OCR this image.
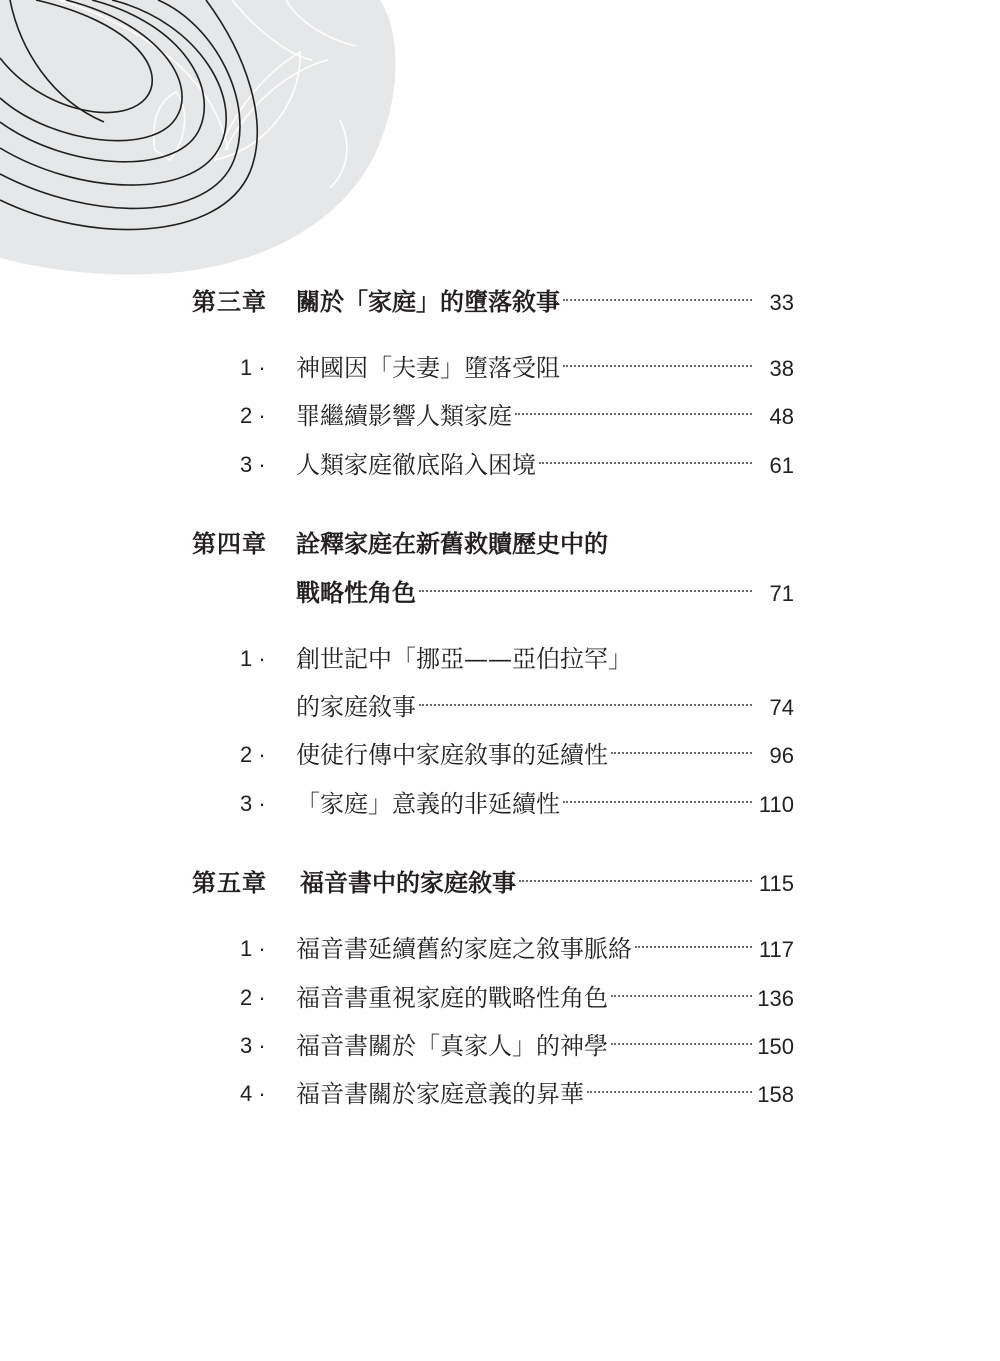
第三章 關於「家庭」的墮落敘事	33
1 ·	神國因「夫妻」墮落受阻	38
2 ·	罪繼續影響人類家庭	48
3 ·	人類家庭徹底陷入困境	61
第四章 詮釋家庭在新舊救贖歷史中的
戰略性角色	71
1 ·	創世記中「挪亞——亞伯拉罕」
的家庭敘事	74
2 ·	使徒行傳中家庭敘事的延續性	96
3 ·	「家庭」意義的非延續性	110
第五章 福音書中的家庭敘事	115
1 ·	福音書延續舊約家庭之敘事脈絡	117
2 ·	福音書重視家庭的戰略性角色	136
3 ·	福音書關於「真家人」的神學	150
4 ·	福音書關於家庭意義的昇華	158
